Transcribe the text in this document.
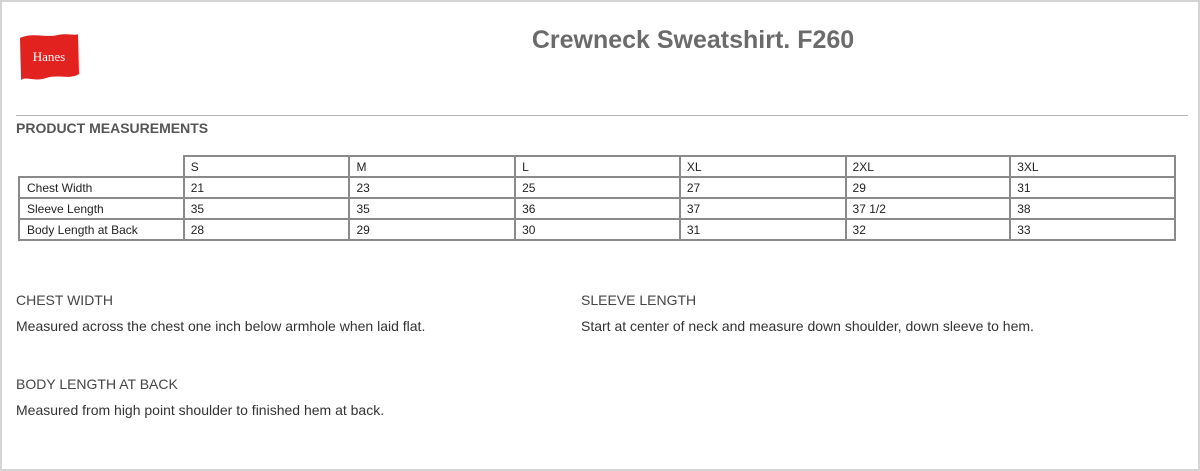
Hanes
Crewneck Sweatshirt. F260
PRODUCT MEASUREMENTS
	S	M	L	XL	2XL	3XL
Chest Width	21	23	25	27	29	31
Sleeve Length	35	35	36	37	37 1/2	38
Body Length at Back	28	29	30	31	32	33
CHEST WIDTH
Measured across the chest one inch below armhole when laid flat.
SLEEVE LENGTH
Start at center of neck and measure down shoulder, down sleeve to hem.
BODY LENGTH AT BACK
Measured from high point shoulder to finished hem at back.
